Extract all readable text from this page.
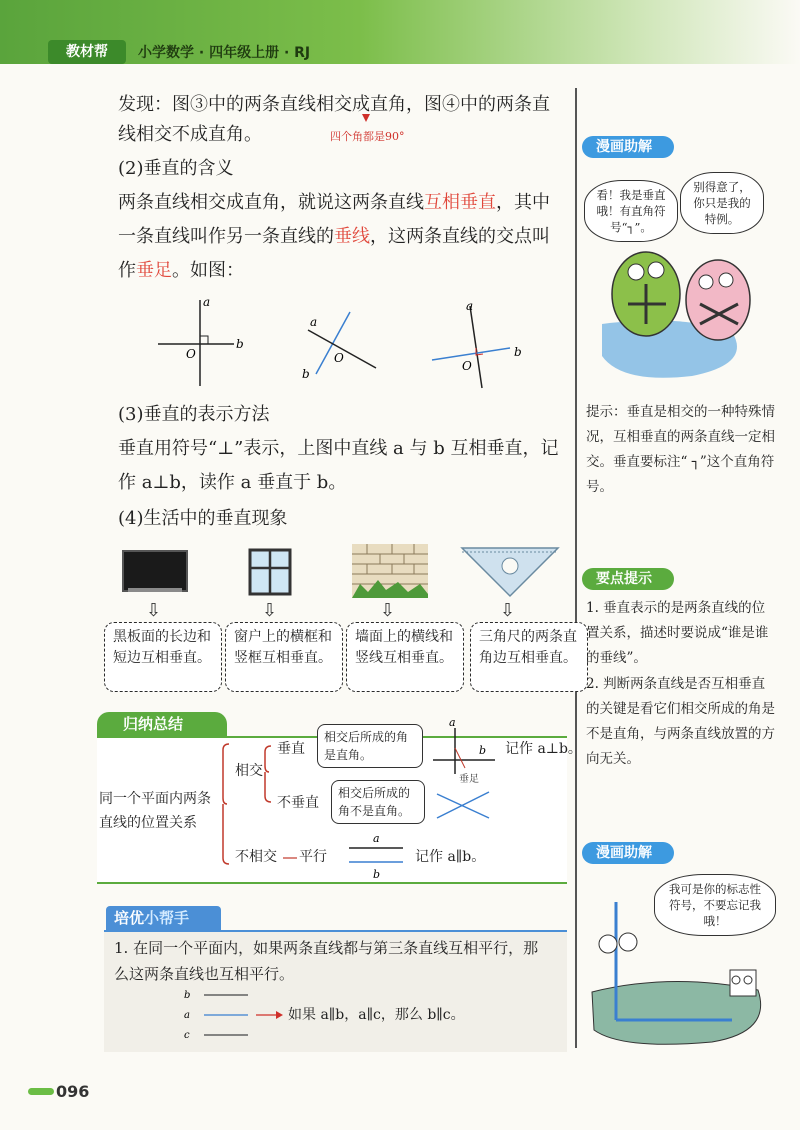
教材帮	小学数学 · 四年级上册 · RJ
发现：图③中的两条直线相交成直角，图④中的两条直
线相交不成直角。	四个角都是90°
(2)垂直的含义
两条直线相交成直角，就说这两条直线互相垂直，其中
一条直线叫作另一条直线的垂线，这两条直线的交点叫
作垂足。如图：
a
b
O
a
b
O
a
b
O
(3)垂直的表示方法
垂直用符号“⊥”表示，上图中直线 a 与 b 互相垂直，记
作 a⊥b，读作 a 垂直于 b。
(4)生活中的垂直现象
⇩	⇩	⇩	⇩
黑板面的长边和短边互相垂直。
窗户上的横框和竖框互相垂直。
墙面上的横线和竖线互相垂直。
三角尺的两条直角边互相垂直。
归纳总结
同一个平面内两条
直线的位置关系
相交
垂直
相交后所成的角
是直角。	记作 a⊥b。
不垂直
相交后所成的
角不是直角。
不相交 平行	记作 a∥b。
a
b
垂足
a
b
培优小帮手
1. 在同一个平面内，如果两条直线都与第三条直线互相平行，那
么这两条直线也互相平行。
b
a
c
如果 a∥b，a∥c，那么 b∥c。
漫画助解
看！我是垂直哦！有直角符号“┐”。
别得意了，你只是我的特例。
提示：垂直是相交的一种特殊情况，互相垂直的两条直线一定相交。垂直要标注“ ┐”这个直角符号。
要点提示
1. 垂直表示的是两条直线的位置关系，描述时要说成“谁是谁的垂线”。
2. 判断两条直线是否互相垂直的关键是看它们相交所成的角是不是直角，与两条直线放置的方向无关。
漫画助解
我可是你的标志性符号，不要忘记我哦！
096
